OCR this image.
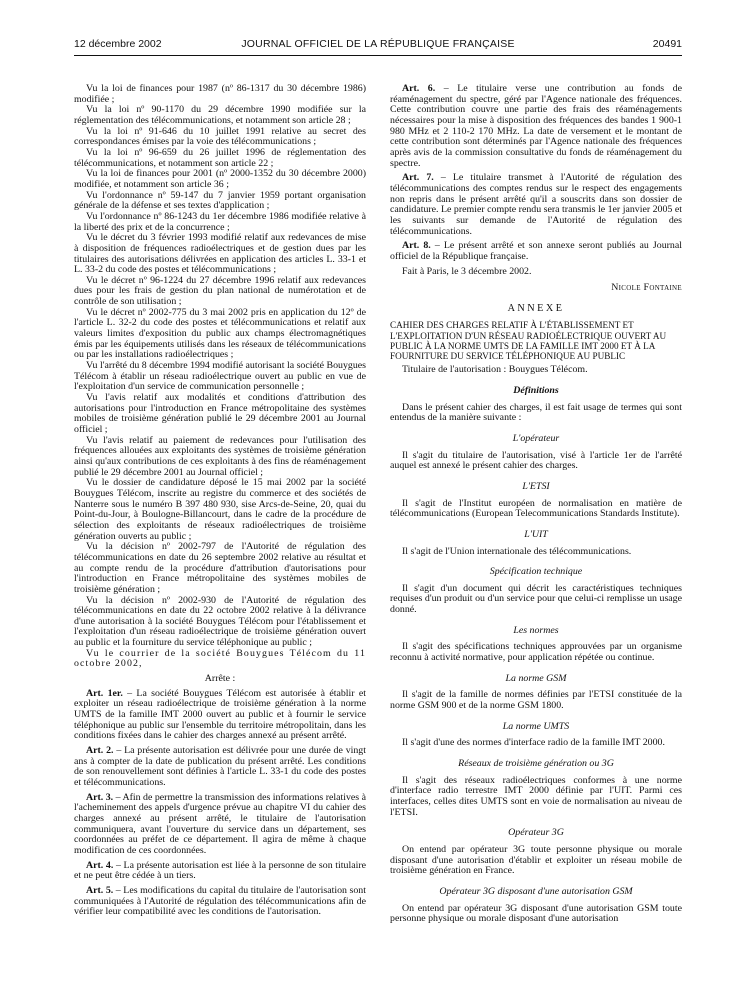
12 décembre 2002	JOURNAL OFFICIEL DE LA RÉPUBLIQUE FRANÇAISE	20491

Vu la loi de finances pour 1987 (nº 86-1317 du 30 décembre 1986) modifiée ;

Vu la loi nº 90-1170 du 29 décembre 1990 modifiée sur la réglementation des télécommunications, et notamment son article 28 ;

Vu la loi nº 91-646 du 10 juillet 1991 relative au secret des correspondances émises par la voie des télécommunications ;

Vu la loi nº 96-659 du 26 juillet 1996 de réglementation des télécommunications, et notamment son article 22 ;

Vu la loi de finances pour 2001 (nº 2000-1352 du 30 décembre 2000) modifiée, et notamment son article 36 ;

Vu l'ordonnance nº 59-147 du 7 janvier 1959 portant organisation générale de la défense et ses textes d'application ;

Vu l'ordonnance nº 86-1243 du 1er décembre 1986 modifiée relative à la liberté des prix et de la concurrence ;

Vu le décret du 3 février 1993 modifié relatif aux redevances de mise à disposition de fréquences radioélectriques et de gestion dues par les titulaires des autorisations délivrées en application des articles L. 33-1 et L. 33-2 du code des postes et télécommunications ;

Vu le décret nº 96-1224 du 27 décembre 1996 relatif aux redevances dues pour les frais de gestion du plan national de numérotation et de contrôle de son utilisation ;

Vu le décret nº 2002-775 du 3 mai 2002 pris en application du 12º de l'article L. 32-2 du code des postes et télécommunications et relatif aux valeurs limites d'exposition du public aux champs électromagnétiques émis par les équipements utilisés dans les réseaux de télécommunications ou par les installations radioélectriques ;

Vu l'arrêté du 8 décembre 1994 modifié autorisant la société Bouygues Télécom à établir un réseau radioélectrique ouvert au public en vue de l'exploitation d'un service de communication personnelle ;

Vu l'avis relatif aux modalités et conditions d'attribution des autorisations pour l'introduction en France métropolitaine des systèmes mobiles de troisième génération publié le 29 décembre 2001 au Journal officiel ;

Vu l'avis relatif au paiement de redevances pour l'utilisation des fréquences allouées aux exploitants des systèmes de troisième génération ainsi qu'aux contributions de ces exploitants à des fins de réaménagement publié le 29 décembre 2001 au Journal officiel ;

Vu le dossier de candidature déposé le 15 mai 2002 par la société Bouygues Télécom, inscrite au registre du commerce et des sociétés de Nanterre sous le numéro B 397 480 930, sise Arcs-de-Seine, 20, quai du Point-du-Jour, à Boulogne-Billancourt, dans le cadre de la procédure de sélection des exploitants de réseaux radioélectriques de troisième génération ouverts au public ;

Vu la décision nº 2002-797 de l'Autorité de régulation des télécommunications en date du 26 septembre 2002 relative au résultat et au compte rendu de la procédure d'attribution d'autorisations pour l'introduction en France métropolitaine des systèmes mobiles de troisième génération ;

Vu la décision nº 2002-930 de l'Autorité de régulation des télécommunications en date du 22 octobre 2002 relative à la délivrance d'une autorisation à la société Bouygues Télécom pour l'établissement et l'exploitation d'un réseau radioélectrique de troisième génération ouvert au public et la fourniture du service téléphonique au public ;

Vu le courrier de la société Bouygues Télécom du 11 octobre 2002,

Arrête :

Art. 1er. – La société Bouygues Télécom est autorisée à établir et exploiter un réseau radioélectrique de troisième génération à la norme UMTS de la famille IMT 2000 ouvert au public et à fournir le service téléphonique au public sur l'ensemble du territoire métropolitain, dans les conditions fixées dans le cahier des charges annexé au présent arrêté.

Art. 2. – La présente autorisation est délivrée pour une durée de vingt ans à compter de la date de publication du présent arrêté. Les conditions de son renouvellement sont définies à l'article L. 33-1 du code des postes et télécommunications.

Art. 3. – Afin de permettre la transmission des informations relatives à l'acheminement des appels d'urgence prévue au chapitre VI du cahier des charges annexé au présent arrêté, le titulaire de l'autorisation communiquera, avant l'ouverture du service dans un département, ses coordonnées au préfet de ce département. Il agira de même à chaque modification de ces coordonnées.

Art. 4. – La présente autorisation est liée à la personne de son titulaire et ne peut être cédée à un tiers.

Art. 5. – Les modifications du capital du titulaire de l'autorisation sont communiquées à l'Autorité de régulation des télécommunications afin de vérifier leur compatibilité avec les conditions de l'autorisation.

Art. 6. – Le titulaire verse une contribution au fonds de réaménagement du spectre, géré par l'Agence nationale des fréquences. Cette contribution couvre une partie des frais des réaménagements nécessaires pour la mise à disposition des fréquences des bandes 1 900-1 980 MHz et 2 110-2 170 MHz. La date de versement et le montant de cette contribution sont déterminés par l'Agence nationale des fréquences après avis de la commission consultative du fonds de réaménagement du spectre.

Art. 7. – Le titulaire transmet à l'Autorité de régulation des télécommunications des comptes rendus sur le respect des engagements non repris dans le présent arrêté qu'il a souscrits dans son dossier de candidature. Le premier compte rendu sera transmis le 1er janvier 2005 et les suivants sur demande de l'Autorité de régulation des télécommunications.

Art. 8. – Le présent arrêté et son annexe seront publiés au Journal officiel de la République française.

Fait à Paris, le 3 décembre 2002.

Nicole Fontaine

ANNEXE

CAHIER DES CHARGES RELATIF À L'ÉTABLISSEMENT ET L'EXPLOITATION D'UN RÉSEAU RADIOÉLECTRIQUE OUVERT AU PUBLIC À LA NORME UMTS DE LA FAMILLE IMT 2000 ET À LA FOURNITURE DU SERVICE TÉLÉPHONIQUE AU PUBLIC

Titulaire de l'autorisation : Bouygues Télécom.

Définitions

Dans le présent cahier des charges, il est fait usage de termes qui sont entendus de la manière suivante :

L'opérateur

Il s'agit du titulaire de l'autorisation, visé à l'article 1er de l'arrêté auquel est annexé le présent cahier des charges.

L'ETSI

Il s'agit de l'Institut européen de normalisation en matière de télécommunications (European Telecommunications Standards Institute).

L'UIT

Il s'agit de l'Union internationale des télécommunications.

Spécification technique

Il s'agit d'un document qui décrit les caractéristiques techniques requises d'un produit ou d'un service pour que celui-ci remplisse un usage donné.

Les normes

Il s'agit des spécifications techniques approuvées par un organisme reconnu à activité normative, pour application répétée ou continue.

La norme GSM

Il s'agit de la famille de normes définies par l'ETSI constituée de la norme GSM 900 et de la norme GSM 1800.

La norme UMTS

Il s'agit d'une des normes d'interface radio de la famille IMT 2000.

Réseaux de troisième génération ou 3G

Il s'agit des réseaux radioélectriques conformes à une norme d'interface radio terrestre IMT 2000 définie par l'UIT. Parmi ces interfaces, celles dites UMTS sont en voie de normalisation au niveau de l'ETSI.

Opérateur 3G

On entend par opérateur 3G toute personne physique ou morale disposant d'une autorisation d'établir et exploiter un réseau mobile de troisième génération en France.

Opérateur 3G disposant d'une autorisation GSM

On entend par opérateur 3G disposant d'une autorisation GSM toute personne physique ou morale disposant d'une autorisation
